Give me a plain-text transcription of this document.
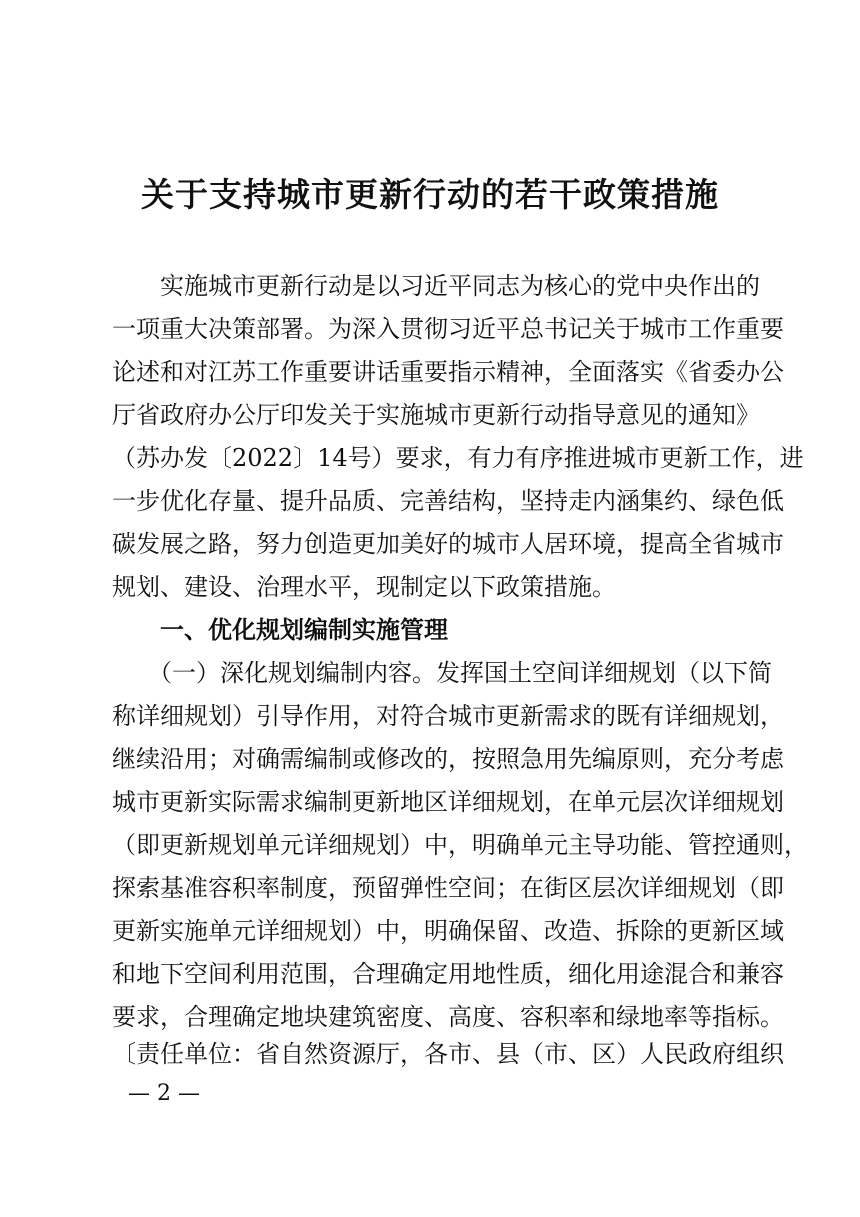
关于支持城市更新行动的若干政策措施
　　实施城市更新行动是以习近平同志为核心的党中央作出的
一项重大决策部署。为深入贯彻习近平总书记关于城市工作重要
论述和对江苏工作重要讲话重要指示精神，全面落实《省委办公
厅省政府办公厅印发关于实施城市更新行动指导意见的通知》
（苏办发〔2022〕14号）要求，有力有序推进城市更新工作，进
一步优化存量、提升品质、完善结构，坚持走内涵集约、绿色低
碳发展之路，努力创造更加美好的城市人居环境，提高全省城市
规划、建设、治理水平，现制定以下政策措施。
　　一、优化规划编制实施管理
　　（一）深化规划编制内容。发挥国土空间详细规划（以下简
称详细规划）引导作用，对符合城市更新需求的既有详细规划，
继续沿用；对确需编制或修改的，按照急用先编原则，充分考虑
城市更新实际需求编制更新地区详细规划，在单元层次详细规划
（即更新规划单元详细规划）中，明确单元主导功能、管控通则，
探索基准容积率制度，预留弹性空间；在街区层次详细规划（即
更新实施单元详细规划）中，明确保留、改造、拆除的更新区域
和地下空间利用范围，合理确定用地性质，细化用途混合和兼容
要求，合理确定地块建筑密度、高度、容积率和绿地率等指标。
〔责任单位：省自然资源厅，各市、县（市、区）人民政府组织
— 2 —
